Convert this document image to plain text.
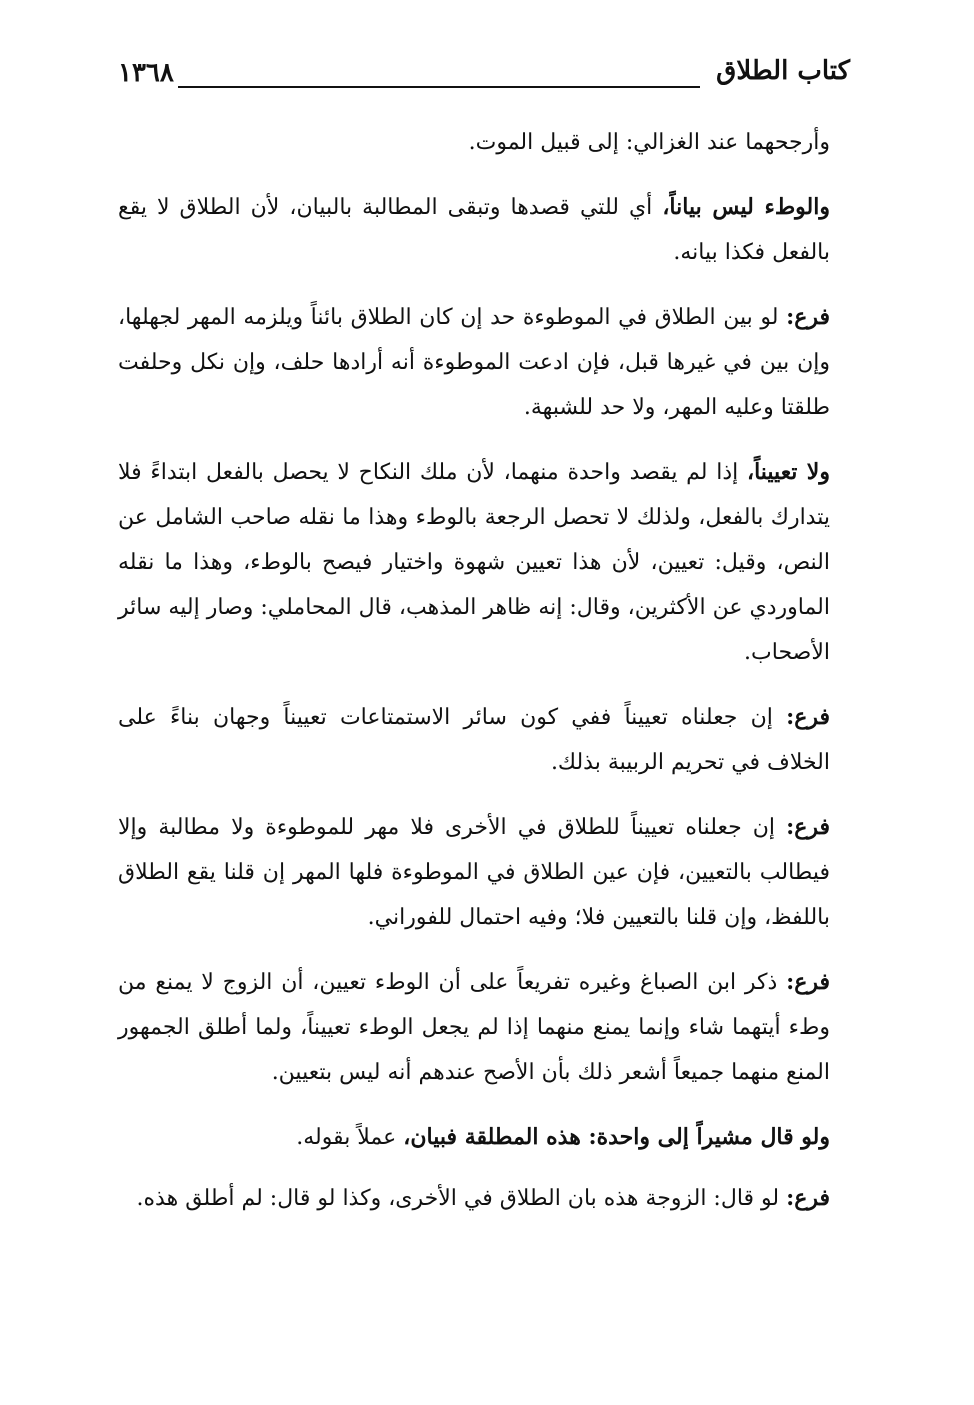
١٣٦٨	كتاب الطلاق

وأرجحهما عند الغزالي: إلى قبيل الموت.

والوطء ليس بياناً، أي للتي قصدها وتبقى المطالبة بالبيان، لأن الطلاق لا يقع بالفعل فكذا بيانه.

فرع: لو بين الطلاق في الموطوءة حد إن كان الطلاق بائناً ويلزمه المهر لجهلها، وإن بين في غيرها قبل، فإن ادعت الموطوءة أنه أرادها حلف، وإن نكل وحلفت طلقتا وعليه المهر، ولا حد للشبهة.

ولا تعييناً، إذا لم يقصد واحدة منهما، لأن ملك النكاح لا يحصل بالفعل ابتداءً فلا يتدارك بالفعل، ولذلك لا تحصل الرجعة بالوطء وهذا ما نقله صاحب الشامل عن النص، وقيل: تعيين، لأن هذا تعيين شهوة واختيار فيصح بالوطء، وهذا ما نقله الماوردي عن الأكثرين، وقال: إنه ظاهر المذهب، قال المحاملي: وصار إليه سائر الأصحاب.

فرع: إن جعلناه تعييناً ففي كون سائر الاستمتاعات تعييناً وجهان بناءً على الخلاف في تحريم الربيبة بذلك.

فرع: إن جعلناه تعييناً للطلاق في الأخرى فلا مهر للموطوءة ولا مطالبة وإلا فيطالب بالتعيين، فإن عين الطلاق في الموطوءة فلها المهر إن قلنا يقع الطلاق باللفظ، وإن قلنا بالتعيين فلا؛ وفيه احتمال للفوراني.

فرع: ذكر ابن الصباغ وغيره تفريعاً على أن الوطء تعيين، أن الزوج لا يمنع من وطء أيتهما شاء وإنما يمنع منهما إذا لم يجعل الوطء تعييناً، ولما أطلق الجمهور المنع منهما جميعاً أشعر ذلك بأن الأصح عندهم أنه ليس بتعيين.

ولو قال مشيراً إلى واحدة: هذه المطلقة فبيان، عملاً بقوله.

فرع: لو قال: الزوجة هذه بان الطلاق في الأخرى، وكذا لو قال: لم أطلق هذه.
